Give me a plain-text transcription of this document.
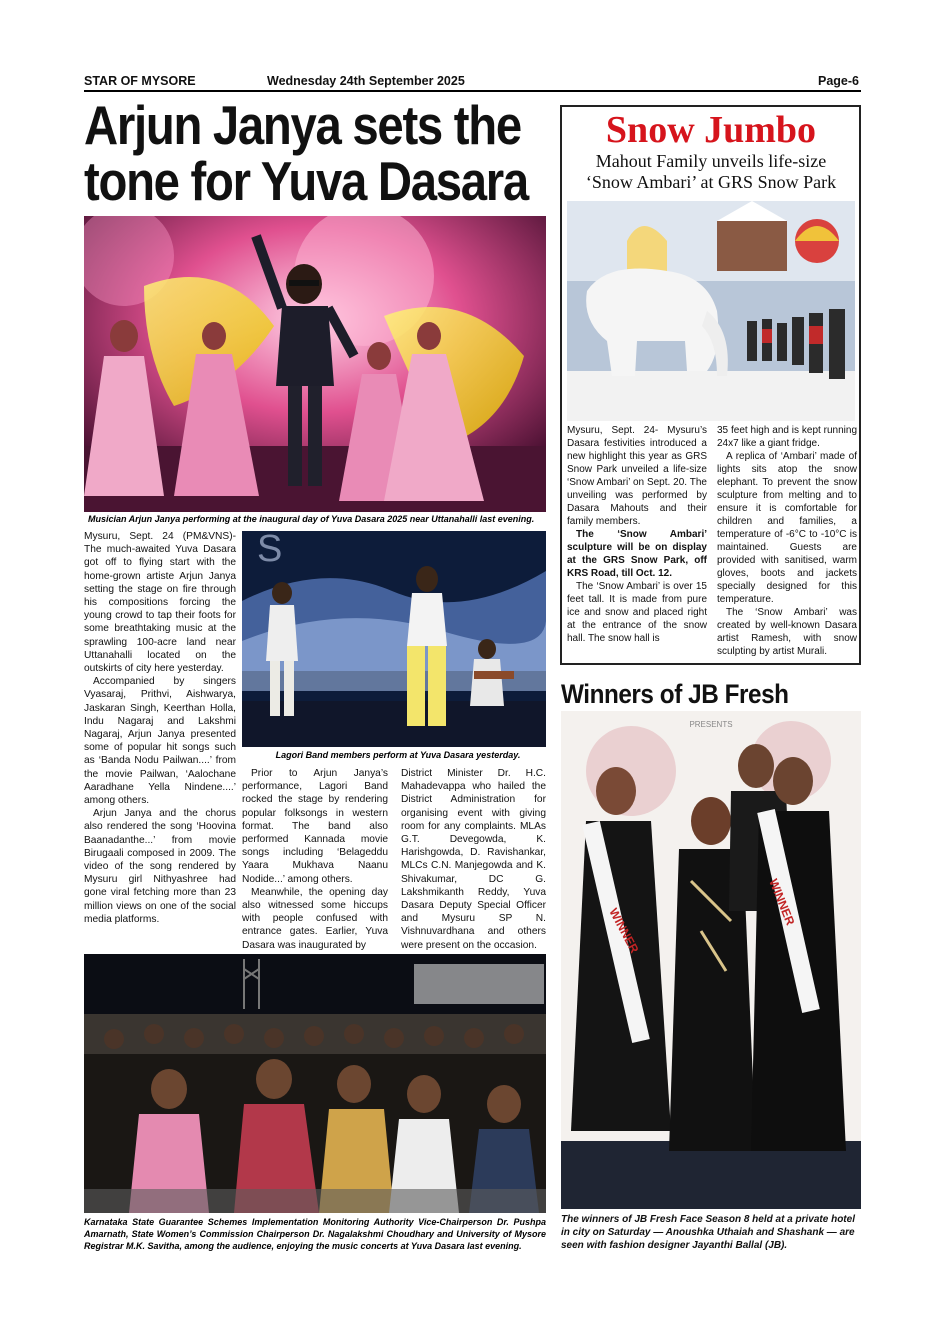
STAR OF MYSORE	Wednesday 24th September 2025	Page-6
Arjun Janya sets the
tone for Yuva Dasara
Musician Arjun Janya performing at the inaugural day of Yuva Dasara 2025 near Uttanahalli last evening.

Mysuru, Sept. 24 (PM&VNS)- The much-awaited Yuva Dasara got off to flying start with the home-grown artiste Arjun Janya setting the stage on fire through his compositions forcing the young crowd to tap their foots for some breathtaking music at the sprawling 100-acre land near Uttanahalli located on the outskirts of city here yesterday.

Accompanied by singers Vyasaraj, Prithvi, Aishwarya, Jaskaran Singh, Keerthan Holla, Indu Nagaraj and Lakshmi Nagaraj, Arjun Janya presented some of popular hit songs such as ‘Banda Nodu Pailwan....’ from the movie Pailwan, ‘Aalochane Aaradhane Yella Nindene....’ among others.

Arjun Janya and the chorus also rendered the song ‘Hoovina Baanadanthe...’ from movie Birugaali composed in 2009. The video of the song rendered by Mysuru girl Nithyashree had gone viral fetching more than 23 million views on one of the social media platforms.

S
Lagori Band members perform at Yuva Dasara yesterday.

Prior to Arjun Janya’s performance, Lagori Band rocked the stage by rendering popular folksongs in western format. The band also performed Kannada movie songs including ‘Belageddu Yaara Mukhava Naanu Nodide...’ among others.

Meanwhile, the opening day also witnessed some hiccups with people confused with entrance gates. Earlier, Yuva Dasara was inaugurated by

District Minister Dr. H.C. Mahadevappa who hailed the District Administration for organising event with giving room for any complaints. MLAs G.T. Devegowda, K. Harishgowda, D. Ravishankar, MLCs C.N. Manjegowda and K. Shivakumar, DC G. Lakshmikanth Reddy, Yuva Dasara Deputy Special Officer and Mysuru SP N. Vishnuvardhana and others were present on the occasion.

Karnataka State Guarantee Schemes Implementation Monitoring Authority Vice-Chairperson Dr. Pushpa Amarnath, State Women’s Commission Chairperson Dr. Nagalakshmi Choudhary and University of Mysore Registrar M.K. Savitha, among the audience, enjoying the music concerts at Yuva Dasara last evening.
Snow Jumbo
Mahout Family unveils life-size
‘Snow Ambari’ at GRS Snow Park

Mysuru, Sept. 24- Mysuru’s Dasara festivities introduced a new highlight this year as GRS Snow Park unveiled a life-size ‘Snow Ambari’ on Sept. 20. The unveiling was performed by Dasara Mahouts and their family members.

The ‘Snow Ambari’ sculpture will be on display at the GRS Snow Park, off KRS Road, till Oct. 12.

The ‘Snow Ambari’ is over 15 feet tall. It is made from pure ice and snow and placed right at the entrance of the snow hall. The snow hall is

35 feet high and is kept running 24x7 like a giant fridge.

A replica of ‘Ambari’ made of lights sits atop the snow elephant. To prevent the snow sculpture from melting and to ensure it is comfortable for children and families, a temperature of -6°C to -10°C is maintained. Guests are provided with sanitised, warm gloves, boots and jackets specially designed for this temperature.

The ‘Snow Ambari’ was created by well-known Dasara artist Ramesh, with snow sculpting by artist Murali.

Winners of JB Fresh
PRESENTS
WINNER
WINNER
The winners of JB Fresh Face Season 8 held at a private hotel in city on Saturday — Anoushka Uthaiah and Shashank — are seen with fashion designer Jayanthi Ballal (JB).
